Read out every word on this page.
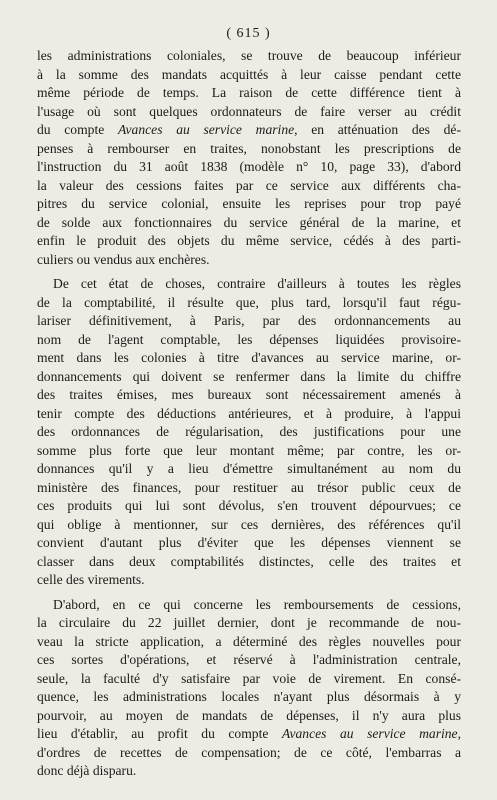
( 615 )

les administrations coloniales, se trouve de beaucoup inférieur
à la somme des mandats acquittés à leur caisse pendant cette
même période de temps. La raison de cette différence tient à
l'usage où sont quelques ordonnateurs de faire verser au crédit
du compte Avances au service marine, en atténuation des dé-
penses à rembourser en traites, nonobstant les prescriptions de
l'instruction du 31 août 1838 (modèle n° 10, page 33), d'abord
la valeur des cessions faites par ce service aux différents cha-
pitres du service colonial, ensuite les reprises pour trop payé
de solde aux fonctionnaires du service général de la marine, et
enfin le produit des objets du même service, cédés à des parti-
culiers ou vendus aux enchères.

De cet état de choses, contraire d'ailleurs à toutes les règles
de la comptabilité, il résulte que, plus tard, lorsqu'il faut régu-
lariser définitivement, à Paris, par des ordonnancements au
nom de l'agent comptable, les dépenses liquidées provisoire-
ment dans les colonies à titre d'avances au service marine, or-
donnancements qui doivent se renfermer dans la limite du chiffre
des traites émises, mes bureaux sont nécessairement amenés à
tenir compte des déductions antérieures, et à produire, à l'appui
des ordonnances de régularisation, des justifications pour une
somme plus forte que leur montant même; par contre, les or-
donnances qu'il y a lieu d'émettre simultanément au nom du
ministère des finances, pour restituer au trésor public ceux de
ces produits qui lui sont dévolus, s'en trouvent dépourvues; ce
qui oblige à mentionner, sur ces dernières, des références qu'il
convient d'autant plus d'éviter que les dépenses viennent se
classer dans deux comptabilités distinctes, celle des traites et
celle des virements.

D'abord, en ce qui concerne les remboursements de cessions,
la circulaire du 22 juillet dernier, dont je recommande de nou-
veau la stricte application, a déterminé des règles nouvelles pour
ces sortes d'opérations, et réservé à l'administration centrale,
seule, la faculté d'y satisfaire par voie de virement. En consé-
quence, les administrations locales n'ayant plus désormais à y
pourvoir, au moyen de mandats de dépenses, il n'y aura plus
lieu d'établir, au profit du compte Avances au service marine,
d'ordres de recettes de compensation; de ce côté, l'embarras a
donc déjà disparu.
